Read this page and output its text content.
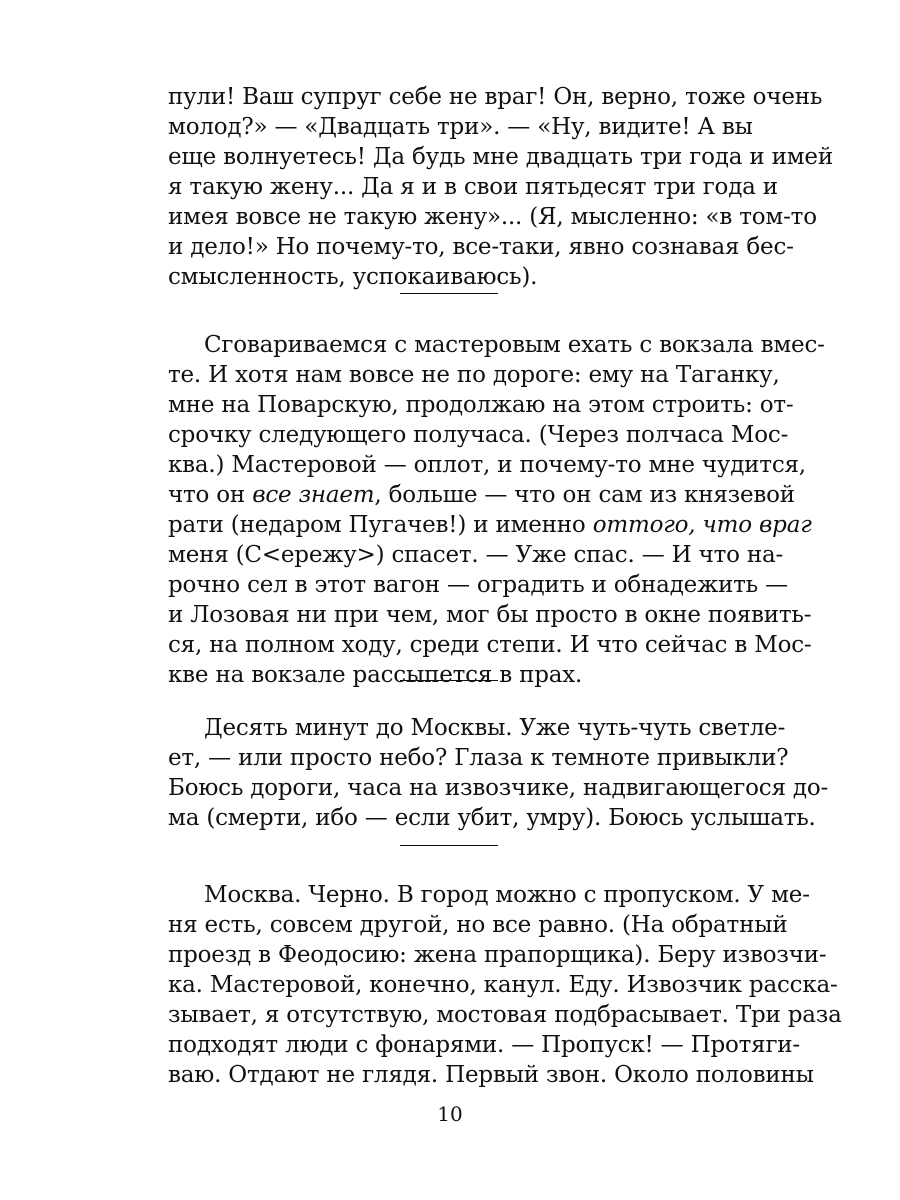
пули! Ваш супруг себе не враг! Он, верно, тоже очень
молод?» — «Двадцать три». — «Ну, видите! А вы
еще волнуетесь! Да будь мне двадцать три года и имей
я такую жену... Да я и в свои пятьдесят три года и
имея вовсе не такую жену»... (Я, мысленно: «в том-то
и дело!» Но почему-то, все-таки, явно сознавая бес-
смысленность, успокаиваюсь).
Сговариваемся с мастеровым ехать с вокзала вмес-
те. И хотя нам вовсе не по дороге: ему на Таганку,
мне на Поварскую, продолжаю на этом строить: от-
срочку следующего получаса. (Через полчаса Мос-
ква.) Мастеровой — оплот, и почему-то мне чудится,
что он все знает, больше — что он сам из князевой
рати (недаром Пугачев!) и именно оттого, что враг
меня (С<ережу>) спасет. — Уже спас. — И что на-
рочно сел в этот вагон — оградить и обнадежить —
и Лозовая ни при чем, мог бы просто в окне появить-
ся, на полном ходу, среди степи. И что сейчас в Мос-
кве на вокзале рассыпется в прах.
Десять минут до Москвы. Уже чуть-чуть светле-
ет, — или просто небо? Глаза к темноте привыкли?
Боюсь дороги, часа на извозчике, надвигающегося до-
ма (смерти, ибо — если убит, умру). Боюсь услышать.
Москва. Черно. В город можно с пропуском. У ме-
ня есть, совсем другой, но все равно. (На обратный
проезд в Феодосию: жена прапорщика). Беру извозчи-
ка. Мастеровой, конечно, канул. Еду. Извозчик расска-
зывает, я отсутствую, мостовая подбрасывает. Три раза
подходят люди с фонарями. — Пропуск! — Протяги-
ваю. Отдают не глядя. Первый звон. Около половины
10
